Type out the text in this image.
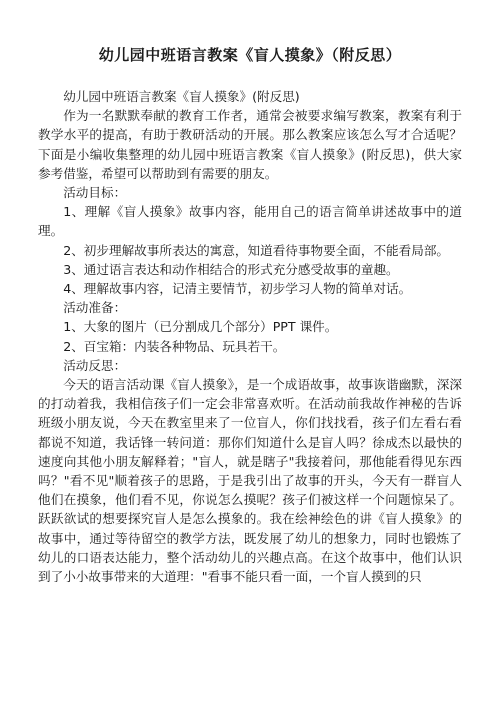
幼儿园中班语言教案《盲人摸象》（附反思）

幼儿园中班语言教案《盲人摸象》(附反思)

作为一名默默奉献的教育工作者，通常会被要求编写教案，教案有利于教学水平的提高，有助于教研活动的开展。那么教案应该怎么写才合适呢？下面是小编收集整理的幼儿园中班语言教案《盲人摸象》(附反思)，供大家参考借鉴，希望可以帮助到有需要的朋友。

活动目标：

1、理解《盲人摸象》故事内容，能用自己的语言简单讲述故事中的道理。

2、初步理解故事所表达的寓意，知道看待事物要全面，不能看局部。

3、通过语言表达和动作相结合的形式充分感受故事的童趣。

4、理解故事内容，记清主要情节，初步学习人物的简单对话。

活动准备：

1、大象的图片（已分割成几个部分）PPT 课件。

2、百宝箱：内装各种物品、玩具若干。

活动反思：

今天的语言活动课《盲人摸象》，是一个成语故事，故事诙谐幽默，深深的打动着我，我相信孩子们一定会非常喜欢听。在活动前我故作神秘的告诉班级小朋友说，今天在教室里来了一位盲人，你们找找看，孩子们左看右看都说不知道，我话锋一转问道：那你们知道什么是盲人吗？徐成杰以最快的速度向其他小朋友解释着；"盲人，就是瞎子"我接着问，那他能看得见东西吗？"看不见"顺着孩子的思路，于是我引出了故事的开头，今天有一群盲人他们在摸象，他们看不见，你说怎么摸呢？孩子们被这样一个问题惊呆了。跃跃欲试的想要探究盲人是怎么摸象的。我在绘神绘色的讲《盲人摸象》的故事中，通过等待留空的教学方法，既发展了幼儿的想象力，同时也锻炼了幼儿的口语表达能力，整个活动幼儿的兴趣点高。在这个故事中，他们认识到了小小故事带来的大道理："看事不能只看一面，一个盲人摸到的只
